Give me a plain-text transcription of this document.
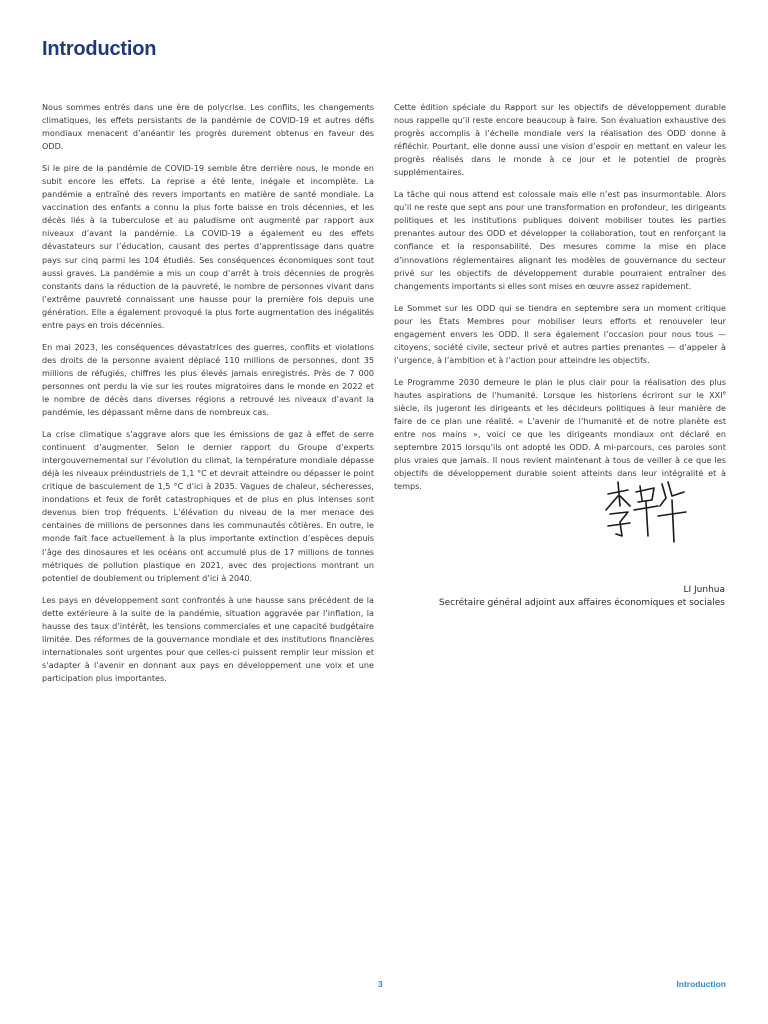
Introduction

Nous sommes entrés dans une ère de polycrise. Les conflits, les changements climatiques, les effets persistants de la pandémie de COVID-19 et autres défis mondiaux menacent d’anéantir les progrès durement obtenus en faveur des ODD.

Si le pire de la pandémie de COVID-19 semble être derrière nous, le monde en subit encore les effets. La reprise a été lente, inégale et incomplète. La pandémie a entraîné des revers importants en matière de santé mondiale. La vaccination des enfants a connu la plus forte baisse en trois décennies, et les décès liés à la tuberculose et au paludisme ont augmenté par rapport aux niveaux d’avant la pandémie. La COVID-19 a également eu des effets dévastateurs sur l’éducation, causant des pertes d’apprentissage dans quatre pays sur cinq parmi les 104 étudiés. Ses conséquences économiques sont tout aussi graves. La pandémie a mis un coup d’arrêt à trois décennies de progrès constants dans la réduction de la pauvreté, le nombre de personnes vivant dans l’extrême pauvreté connaissant une hausse pour la première fois depuis une génération. Elle a également provoqué la plus forte augmentation des inégalités entre pays en trois décennies.

En mai 2023, les conséquences dévastatrices des guerres, conflits et violations des droits de la personne avaient déplacé 110 millions de personnes, dont 35 millions de réfugiés, chiffres les plus élevés jamais enregistrés. Près de 7 000 personnes ont perdu la vie sur les routes migratoires dans le monde en 2022 et le nombre de décès dans diverses régions a retrouvé les niveaux d’avant la pandémie, les dépassant même dans de nombreux cas.

La crise climatique s’aggrave alors que les émissions de gaz à effet de serre continuent d’augmenter. Selon le dernier rapport du Groupe d’experts intergouvernemental sur l’évolution du climat, la température mondiale dépasse déjà les niveaux préindustriels de 1,1 °C et devrait atteindre ou dépasser le point critique de basculement de 1,5 °C d’ici à 2035. Vagues de chaleur, sécheresses, inondations et feux de forêt catastrophiques et de plus en plus intenses sont devenus bien trop fréquents. L’élévation du niveau de la mer menace des centaines de millions de personnes dans les communautés côtières. En outre, le monde fait face actuellement à la plus importante extinction d’espèces depuis l’âge des dinosaures et les océans ont accumulé plus de 17 millions de tonnes métriques de pollution plastique en 2021, avec des projections montrant un potentiel de doublement ou triplement d’ici à 2040.

Les pays en développement sont confrontés à une hausse sans précédent de la dette extérieure à la suite de la pandémie, situation aggravée par l’inflation, la hausse des taux d’intérêt, les tensions commerciales et une capacité budgétaire limitée. Des réformes de la gouvernance mondiale et des institutions financières internationales sont urgentes pour que celles-ci puissent remplir leur mission et s’adapter à l’avenir en donnant aux pays en développement une voix et une participation plus importantes.

Cette édition spéciale du Rapport sur les objectifs de développement durable nous rappelle qu’il reste encore beaucoup à faire. Son évaluation exhaustive des progrès accomplis à l’échelle mondiale vers la réalisation des ODD donne à réfléchir. Pourtant, elle donne aussi une vision d’espoir en mettant en valeur les progrès réalisés dans le monde à ce jour et le potentiel de progrès supplémentaires.

La tâche qui nous attend est colossale mais elle n’est pas insurmontable. Alors qu’il ne reste que sept ans pour une transformation en profondeur, les dirigeants politiques et les institutions publiques doivent mobiliser toutes les parties prenantes autour des ODD et développer la collaboration, tout en renforçant la confiance et la responsabilité. Des mesures comme la mise en place d’innovations réglementaires alignant les modèles de gouvernance du secteur privé sur les objectifs de développement durable pourraient entraîner des changements importants si elles sont mises en œuvre assez rapidement.

Le Sommet sur les ODD qui se tiendra en septembre sera un moment critique pour les États Membres pour mobiliser leurs efforts et renouveler leur engagement envers les ODD. Il sera également l’occasion pour nous tous — citoyens, société civile, secteur privé et autres parties prenantes — d’appeler à l’urgence, à l’ambition et à l’action pour atteindre les objectifs.

Le Programme 2030 demeure le plan le plus clair pour la réalisation des plus hautes aspirations de l’humanité. Lorsque les historiens écriront sur le XXIe siècle, ils jugeront les dirigeants et les décideurs politiques à leur manière de faire de ce plan une réalité. « L’avenir de l’humanité et de notre planète est entre nos mains », voici ce que les dirigeants mondiaux ont déclaré en septembre 2015 lorsqu’ils ont adopté les ODD. À mi-parcours, ces paroles sont plus vraies que jamais. Il nous revient maintenant à tous de veiller à ce que les objectifs de développement durable soient atteints dans leur intégralité et à temps.

LI Junhua
Secrétaire général adjoint aux affaires économiques et sociales
3	Introduction
